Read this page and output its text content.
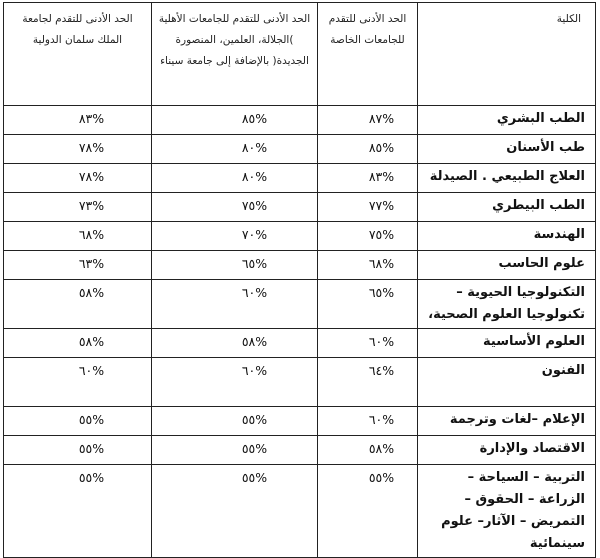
الكلية	الحد الأدنى للتقدم للجامعات الخاصة	الحد الأدنى للتقدم للجامعات الأهلية )الجلالة، العلمين، المنصورة الجديدة( بالإضافة إلى جامعة سيناء	الحد الأدنى للتقدم لجامعة الملك سلمان الدولية
الطب البشري	%٨٧	%٨٥	%٨٣
طب الأسنان	%٨٥	%٨٠	%٧٨
العلاج الطبيعي . الصيدلة	%٨٣	%٨٠	%٧٨
الطب البيطري	%٧٧	%٧٥	%٧٣
الهندسة	%٧٥	%٧٠	%٦٨
علوم الحاسب	%٦٨	%٦٥	%٦٣
التكنولوجيا الحيوية – تكنولوجيا العلوم الصحية،	%٦٥	%٦٠	%٥٨
العلوم الأساسية	%٦٠	%٥٨	%٥٨
الفنون	%٦٤	%٦٠	%٦٠
الإعلام –لغات وترجمة	%٦٠	%٥٥	%٥٥
الاقتصاد والإدارة	%٥٨	%٥٥	%٥٥
التربية – السياحة – الزراعة – الحقوق – التمريض – الآثار– علوم سينمائية	%٥٥	%٥٥	%٥٥
